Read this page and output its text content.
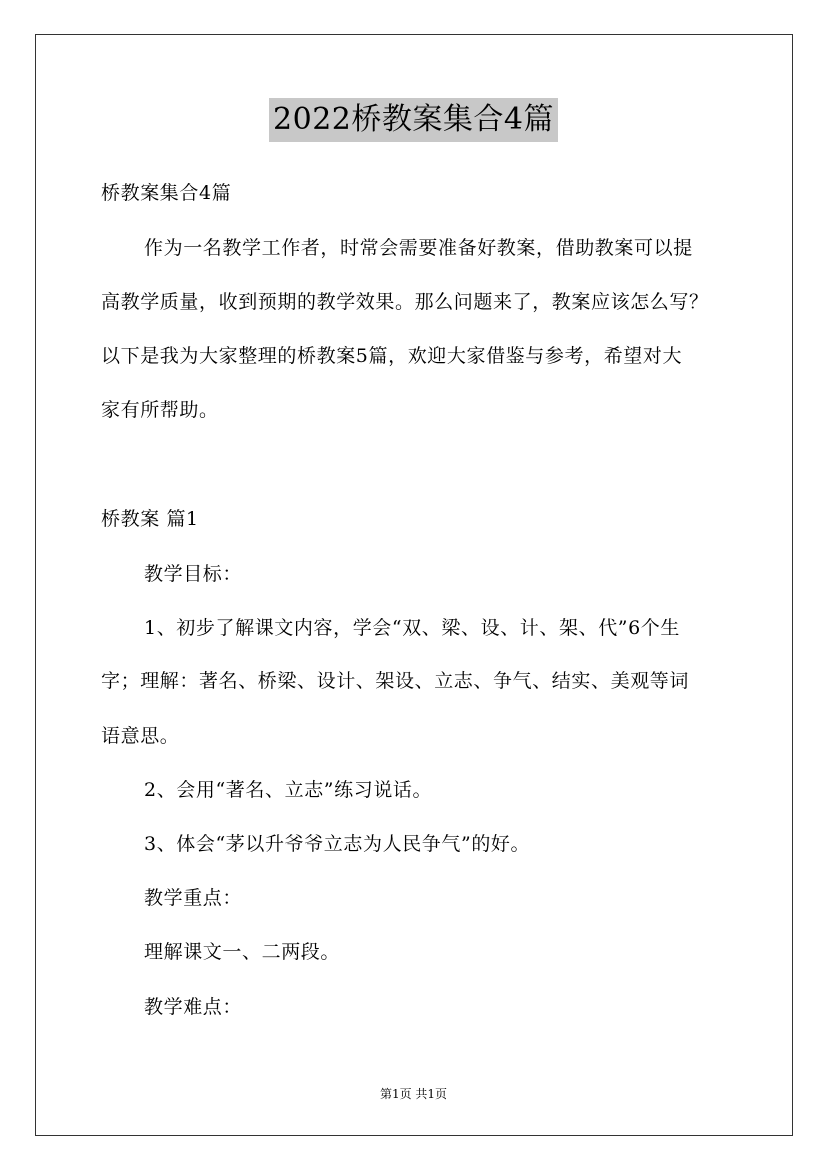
2022桥教案集合4篇
桥教案集合4篇
作为一名教学工作者，时常会需要准备好教案，借助教案可以提
高教学质量，收到预期的教学效果。那么问题来了，教案应该怎么写？
以下是我为大家整理的桥教案5篇，欢迎大家借鉴与参考，希望对大
家有所帮助。
桥教案 篇1
教学目标：
1、初步了解课文内容，学会“双、梁、设、计、架、代”6个生
字；理解：著名、桥梁、设计、架设、立志、争气、结实、美观等词
语意思。
2、会用“著名、立志”练习说话。
3、体会“茅以升爷爷立志为人民争气”的好。
教学重点：
理解课文一、二两段。
教学难点：
第1页 共1页
